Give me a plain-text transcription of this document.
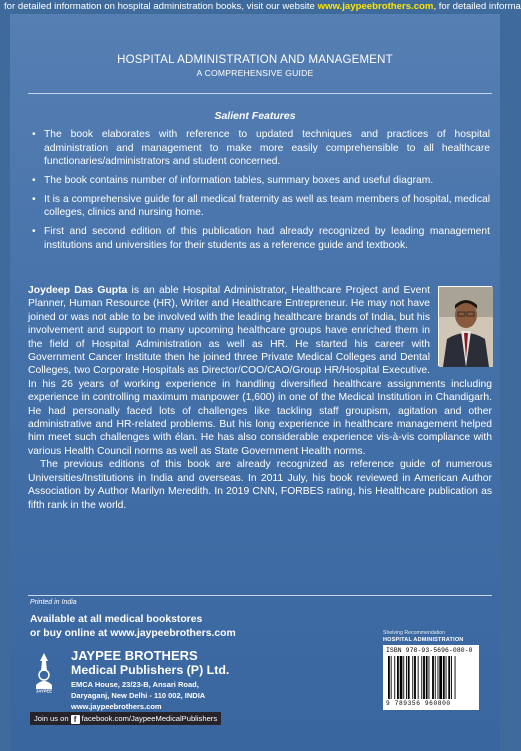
for detailed information on hospital administration books, visit our website www.jaypeebrothers.com, for detailed informa
HOSPITAL ADMINISTRATION AND MANAGEMENT
A COMPREHENSIVE GUIDE
Salient Features
• The book elaborates with reference to updated techniques and practices of hospital administration and management to make more easily comprehensible to all healthcare functionaries/administrators and student concerned.
• The book contains number of information tables, summary boxes and useful diagram.
• It is a comprehensive guide for all medical fraternity as well as team members of hospital, medical colleges, clinics and nursing home.
• First and second edition of this publication had already recognized by leading management institutions and universities for their students as a reference guide and textbook.

Joydeep Das Gupta is an able Hospital Administrator, Healthcare Project and Event Planner, Human Resource (HR), Writer and Healthcare Entrepreneur. He may not have joined or was not able to be involved with the leading healthcare brands of India, but his involvement and support to many upcoming healthcare groups have enriched them in the field of Hospital Administration as well as HR. He started his career with Government Cancer Institute then he joined three Private Medical Colleges and Dental Colleges, two Corporate Hospitals as Director/COO/CAO/Group HR/Hospital Executive. In his 26 years of working experience in handling diversified healthcare assignments including experience in controlling maximum manpower (1,600) in one of the Medical Institution in Chandigarh. He had personally faced lots of challenges like tackling staff groupism, agitation and other administrative and HR-related problems. But his long experience in healthcare management helped him meet such challenges with élan. He has also considerable experience vis-à-vis compliance with various Health Council norms as well as State Government Health norms.

The previous editions of this book are already recognized as reference guide of numerous Universities/Institutions in India and overseas. In 2011 July, his book reviewed in American Author Association by Author Marilyn Meredith. In 2019 CNN, FORBES rating, his Healthcare publication as fifth rank in the world.

Printed in India
Available at all medical bookstores
or buy online at www.jaypeebrothers.com
JAYPEE
JAYPEE BROTHERS
Medical Publishers (P) Ltd.
EMCA House, 23/23-B, Ansari Road,
Daryaganj, New Delhi - 110 002, INDIA
www.jaypeebrothers.com
Join us on f facebook.com/JaypeeMedicalPublishers
Shelving Recommendation
HOSPITAL ADMINISTRATION
ISBN 978-93-5696-080-0
9 789356 960800
